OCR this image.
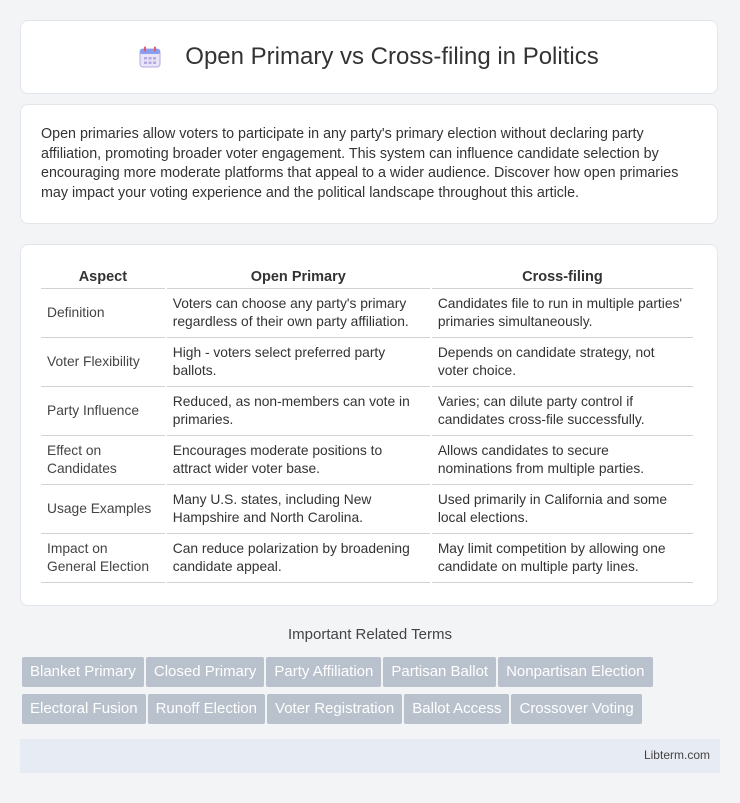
Open Primary vs Cross-filing in Politics

Open primaries allow voters to participate in any party's primary election without declaring party affiliation, promoting broader voter engagement. This system can influence candidate selection by encouraging more moderate platforms that appeal to a wider audience. Discover how open primaries may impact your voting experience and the political landscape throughout this article.

Aspect	Open Primary	Cross-filing
Definition	Voters can choose any party's primary regardless of their own party affiliation.	Candidates file to run in multiple parties' primaries simultaneously.
Voter Flexibility	High - voters select preferred party ballots.	Depends on candidate strategy, not voter choice.
Party Influence	Reduced, as non-members can vote in primaries.	Varies; can dilute party control if candidates cross-file successfully.
Effect on Candidates	Encourages moderate positions to attract wider voter base.	Allows candidates to secure nominations from multiple parties.
Usage Examples	Many U.S. states, including New Hampshire and North Carolina.	Used primarily in California and some local elections.
Impact on General Election	Can reduce polarization by broadening candidate appeal.	May limit competition by allowing one candidate on multiple party lines.
Important Related Terms
Blanket Primary Closed Primary Party Affiliation Partisan Ballot Nonpartisan ElectionElectoral Fusion Runoff Election Voter Registration Ballot Access Crossover Voting
Libterm.com
